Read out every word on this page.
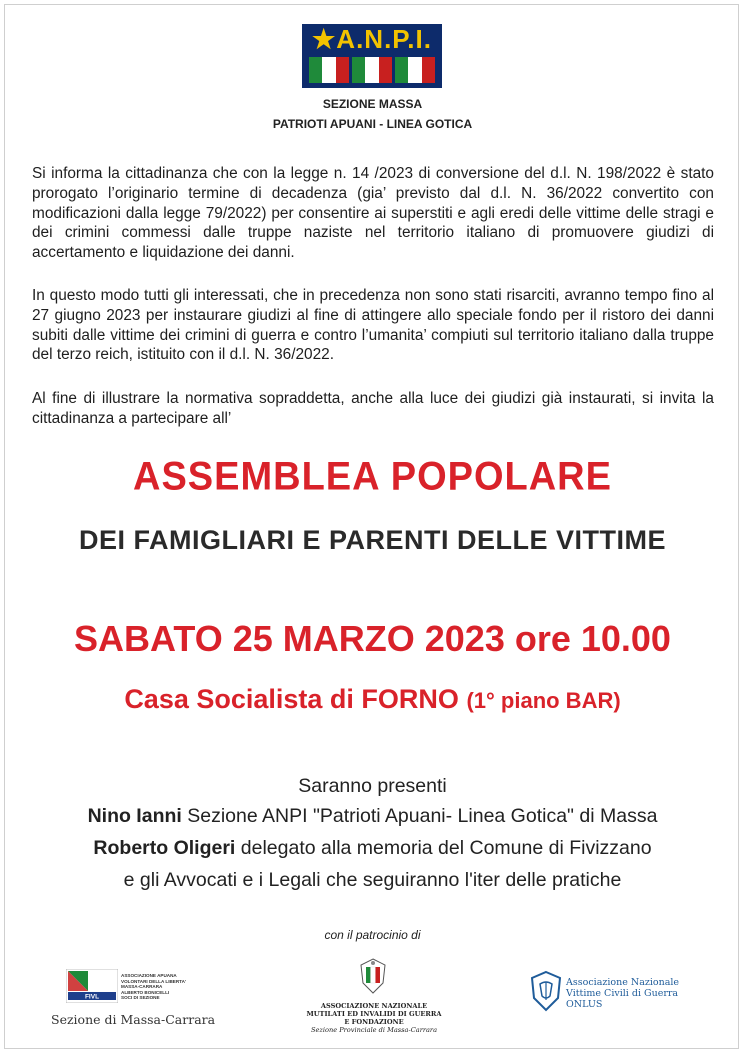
★A.N.P.I.
SEZIONE MASSA
PATRIOTI APUANI - LINEA GOTICA

Si informa la cittadinanza che con la legge n. 14 /2023 di conversione del d.l. N. 198/2022 è stato prorogato l’originario termine di decadenza (gia’ previsto dal d.l. N. 36/2022 convertito con modificazioni dalla legge 79/2022) per consentire ai superstiti e agli eredi delle vittime delle stragi e dei crimini commessi dalle truppe naziste nel territorio italiano di promuovere giudizi di accertamento e liquidazione dei danni.

In questo modo tutti gli interessati, che in precedenza non sono stati risarciti, avranno tempo fino al 27 giugno 2023 per instaurare giudizi al fine di attingere allo speciale fondo per il ristoro dei danni subiti dalle vittime dei crimini di guerra e contro l’umanita’ compiuti sul territorio italiano dalla truppe del terzo reich, istituito con il d.l. N. 36/2022.

Al fine di illustrare la normativa sopraddetta, anche alla luce dei giudizi già instaurati, si invita la cittadinanza a partecipare all’

ASSEMBLEA POPOLARE
DEI FAMIGLIARI E PARENTI DELLE VITTIME
SABATO 25 MARZO 2023 ore 10.00
Casa Socialista di FORNO (1° piano BAR)
Saranno presenti
Nino Ianni Sezione ANPI "Patrioti Apuani- Linea Gotica" di Massa
Roberto Oligeri delegato alla memoria del Comune di Fivizzano
e gli Avvocati e i Legali che seguiranno l'iter delle pratiche
con il patrocinio di
FIVL
ASSOCIAZIONE APUANA
VOLONTARI DELLA LIBERTA'
MASSA-CARRARA
ALBERTO BONICELLI
SOCI DI SEZIONE
Sezione di Massa-Carrara
ASSOCIAZIONE NAZIONALE
MUTILATI ED INVALIDI DI GUERRA
E FONDAZIONE
Sezione Provinciale di Massa-Carrara
Associazione Nazionale
Vittime Civili di Guerra
ONLUS
